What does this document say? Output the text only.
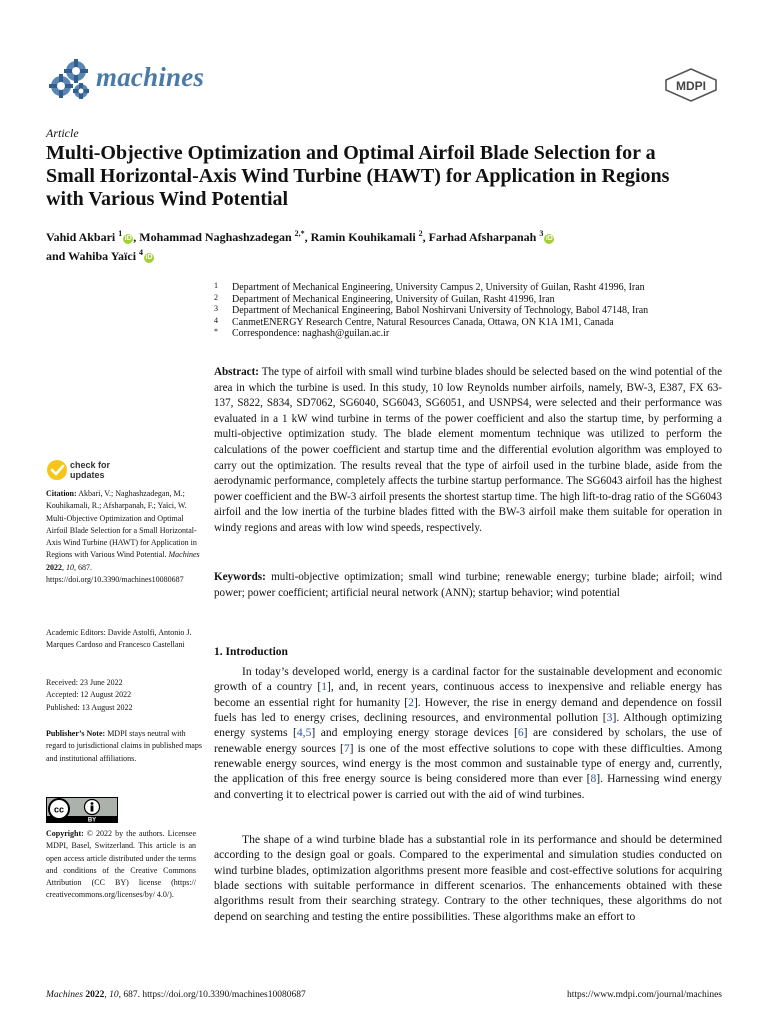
machines	MDPI
Article
Multi-Objective Optimization and Optimal Airfoil Blade Selection for a Small Horizontal-Axis Wind Turbine (HAWT) for Application in Regions with Various Wind Potential
Vahid Akbari $^1$iD , Mohammad Naghashzadegan $^{2,*}$, Ramin Kouhikamali $^2$, Farhad Afsharpanah $^3$iD
and Wahiba Yaïci $^4$iD
1 Department of Mechanical Engineering, University Campus 2, University of Guilan, Rasht 41996, Iran
2 Department of Mechanical Engineering, University of Guilan, Rasht 41996, Iran
3 Department of Mechanical Engineering, Babol Noshirvani University of Technology, Babol 47148, Iran
4 CanmetENERGY Research Centre, Natural Resources Canada, Ottawa, ON K1A 1M1, Canada
* Correspondence: naghash@guilan.ac.ir

Abstract: The type of airfoil with small wind turbine blades should be selected based on the wind potential of the area in which the turbine is used. In this study, 10 low Reynolds number airfoils, namely, BW-3, E387, FX 63-137, S822, S834, SD7062, SG6040, SG6043, SG6051, and USNPS4, were selected and their performance was evaluated in a 1 kW wind turbine in terms of the power coefficient and also the startup time, by performing a multi-objective optimization study. The blade element momentum technique was utilized to perform the calculations of the power coefficient and startup time and the differential evolution algorithm was employed to carry out the optimization. The results reveal that the type of airfoil used in the turbine blade, aside from the aerodynamic performance, completely affects the turbine startup performance. The SG6043 airfoil has the highest power coefficient and the BW-3 airfoil presents the shortest startup time. The high lift-to-drag ratio of the SG6043 airfoil and the low inertia of the turbine blades fitted with the BW-3 airfoil make them suitable for operation in windy regions and areas with low wind speeds, respectively.

Keywords: multi-objective optimization; small wind turbine; renewable energy; turbine blade; airfoil; wind power; power coefficient; artificial neural network (ANN); startup behavior; wind potential

check for
updates

Citation: Akbari, V.; Naghashzadegan, M.; Kouhikamali, R.; Afsharpanah, F.; Yaïci, W. Multi-Objective Optimization and Optimal Airfoil Blade Selection for a Small Horizontal-Axis Wind Turbine (HAWT) for Application in Regions with Various Wind Potential. Machines 2022, 10, 687. https://doi.org/10.3390/machines10080687

Academic Editors: Davide Astolfi, Antonio J. Marques Cardoso and Francesco Castellani

Received: 23 June 2022
Accepted: 12 August 2022
Published: 13 August 2022

Publisher’s Note: MDPI stays neutral with regard to jurisdictional claims in published maps and institutional affiliations.

cc
BY

Copyright: © 2022 by the authors. Licensee MDPI, Basel, Switzerland. This article is an open access article distributed under the terms and conditions of the Creative Commons Attribution (CC BY) license (https:// creativecommons.org/licenses/by/ 4.0/).

1. Introduction

In today’s developed world, energy is a cardinal factor for the sustainable development and economic growth of a country [1], and, in recent years, continuous access to inexpensive and reliable energy has become an essential right for humanity [2]. However, the rise in energy demand and dependence on fossil fuels has led to energy crises, declining resources, and environmental pollution [3]. Although optimizing energy systems [4,5] and employing energy storage devices [6] are considered by scholars, the use of renewable energy sources [7] is one of the most effective solutions to cope with these difficulties. Among renewable energy sources, wind energy is the most common and sustainable type of energy and, currently, the application of this free energy source is being considered more than ever [8]. Harnessing wind energy and converting it to electrical power is carried out with the aid of wind turbines.

The shape of a wind turbine blade has a substantial role in its performance and should be determined according to the design goal or goals. Compared to the experimental and simulation studies conducted on wind turbine blades, optimization algorithms present more feasible and cost-effective solutions for acquiring blade sections with suitable performance in different scenarios. The enhancements obtained with these algorithms result from their searching strategy. Contrary to the other techniques, these algorithms do not depend on searching and testing the entire possibilities. These algorithms make an effort to

Machines 2022, 10, 687. https://doi.org/10.3390/machines10080687	https://www.mdpi.com/journal/machines
